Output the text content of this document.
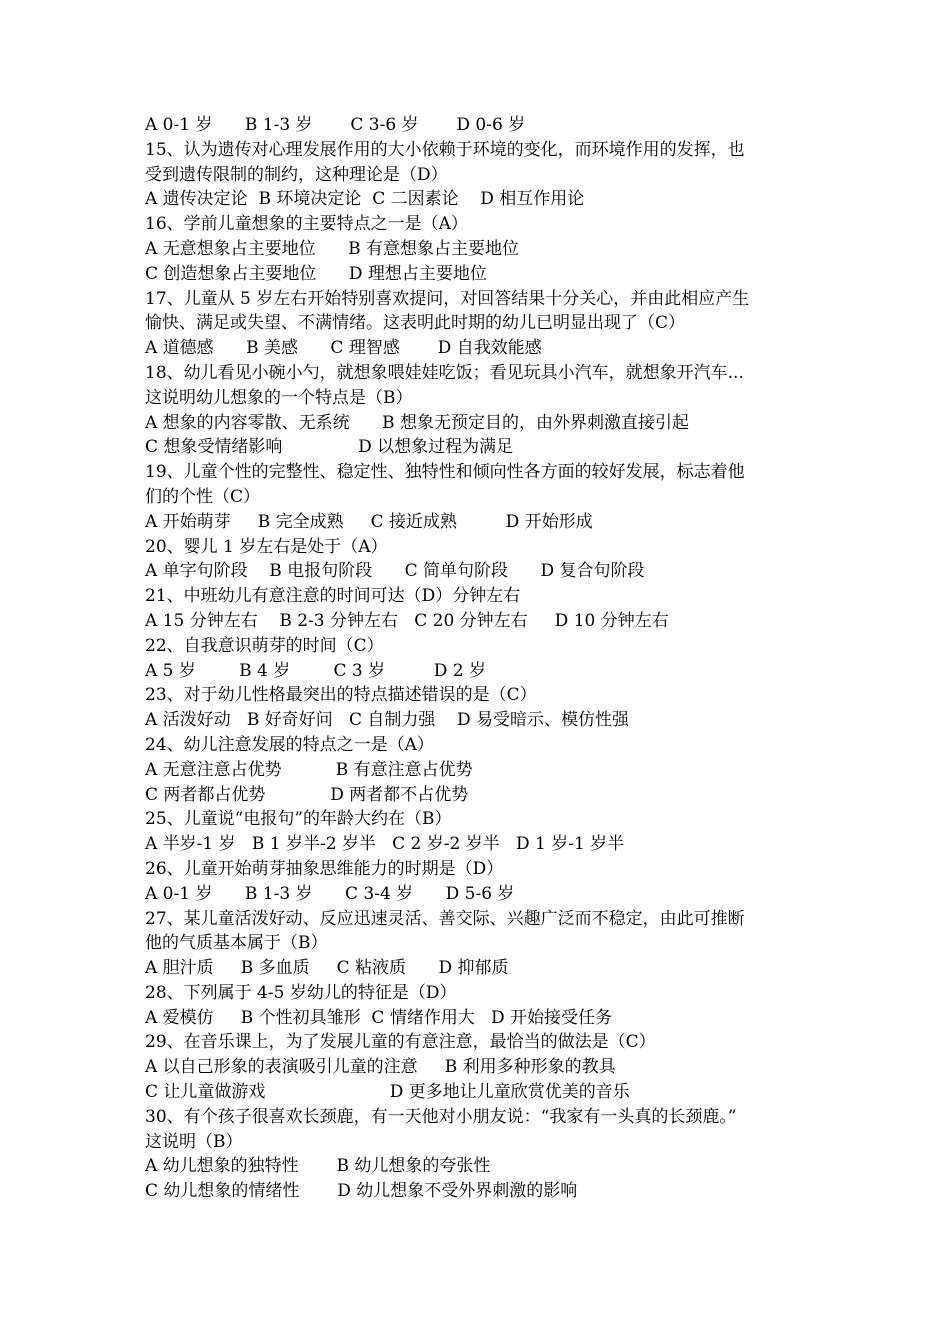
A 0-1 岁      B 1-3 岁       C 3-6 岁       D 0-6 岁
15、认为遗传对心理发展作用的大小依赖于环境的变化，而环境作用的发挥，也
受到遗传限制的制约，这种理论是（D）
A 遗传决定论  B 环境决定论  C 二因素论    D 相互作用论
16、学前儿童想象的主要特点之一是（A）
A 无意想象占主要地位      B 有意想象占主要地位
C 创造想象占主要地位      D 理想占主要地位
17、儿童从 5 岁左右开始特别喜欢提问，对回答结果十分关心，并由此相应产生
愉快、满足或失望、不满情绪。这表明此时期的幼儿已明显出现了（C）
A 道德感      B 美感      C 理智感       D 自我效能感
18、幼儿看见小碗小勺，就想象喂娃娃吃饭；看见玩具小汽车，就想象开汽车...
这说明幼儿想象的一个特点是（B）
A 想象的内容零散、无系统      B 想象无预定目的，由外界刺激直接引起
C 想象受情绪影响              D 以想象过程为满足
19、儿童个性的完整性、稳定性、独特性和倾向性各方面的较好发展，标志着他
们的个性（C）
A 开始萌芽     B 完全成熟     C 接近成熟         D 开始形成
20、婴儿 1 岁左右是处于（A）
A 单字句阶段    B 电报句阶段      C 简单句阶段      D 复合句阶段
21、中班幼儿有意注意的时间可达（D）分钟左右
A 15 分钟左右    B 2-3 分钟左右   C 20 分钟左右     D 10 分钟左右
22、自我意识萌芽的时间（C）
A 5 岁        B 4 岁        C 3 岁         D 2 岁
23、对于幼儿性格最突出的特点描述错误的是（C）
A 活泼好动   B 好奇好问   C 自制力强    D 易受暗示、模仿性强
24、幼儿注意发展的特点之一是（A）
A 无意注意占优势          B 有意注意占优势
C 两者都占优势            D 两者都不占优势
25、儿童说“电报句”的年龄大约在（B）
A 半岁-1 岁   B 1 岁半-2 岁半   C 2 岁-2 岁半   D 1 岁-1 岁半
26、儿童开始萌芽抽象思维能力的时期是（D）
A 0-1 岁      B 1-3 岁      C 3-4 岁      D 5-6 岁
27、某儿童活泼好动、反应迅速灵活、善交际、兴趣广泛而不稳定，由此可推断
他的气质基本属于（B）
A 胆汁质     B 多血质     C 粘液质      D 抑郁质
28、下列属于 4-5 岁幼儿的特征是（D）
A 爱模仿     B 个性初具雏形  C 情绪作用大   D 开始接受任务
29、在音乐课上，为了发展儿童的有意注意，最恰当的做法是（C）
A 以自己形象的表演吸引儿童的注意     B 利用多种形象的教具
C 让儿童做游戏                       D 更多地让儿童欣赏优美的音乐
30、有个孩子很喜欢长颈鹿，有一天他对小朋友说：“我家有一头真的长颈鹿。”
这说明（B）
A 幼儿想象的独特性       B 幼儿想象的夸张性
C 幼儿想象的情绪性       D 幼儿想象不受外界刺激的影响
